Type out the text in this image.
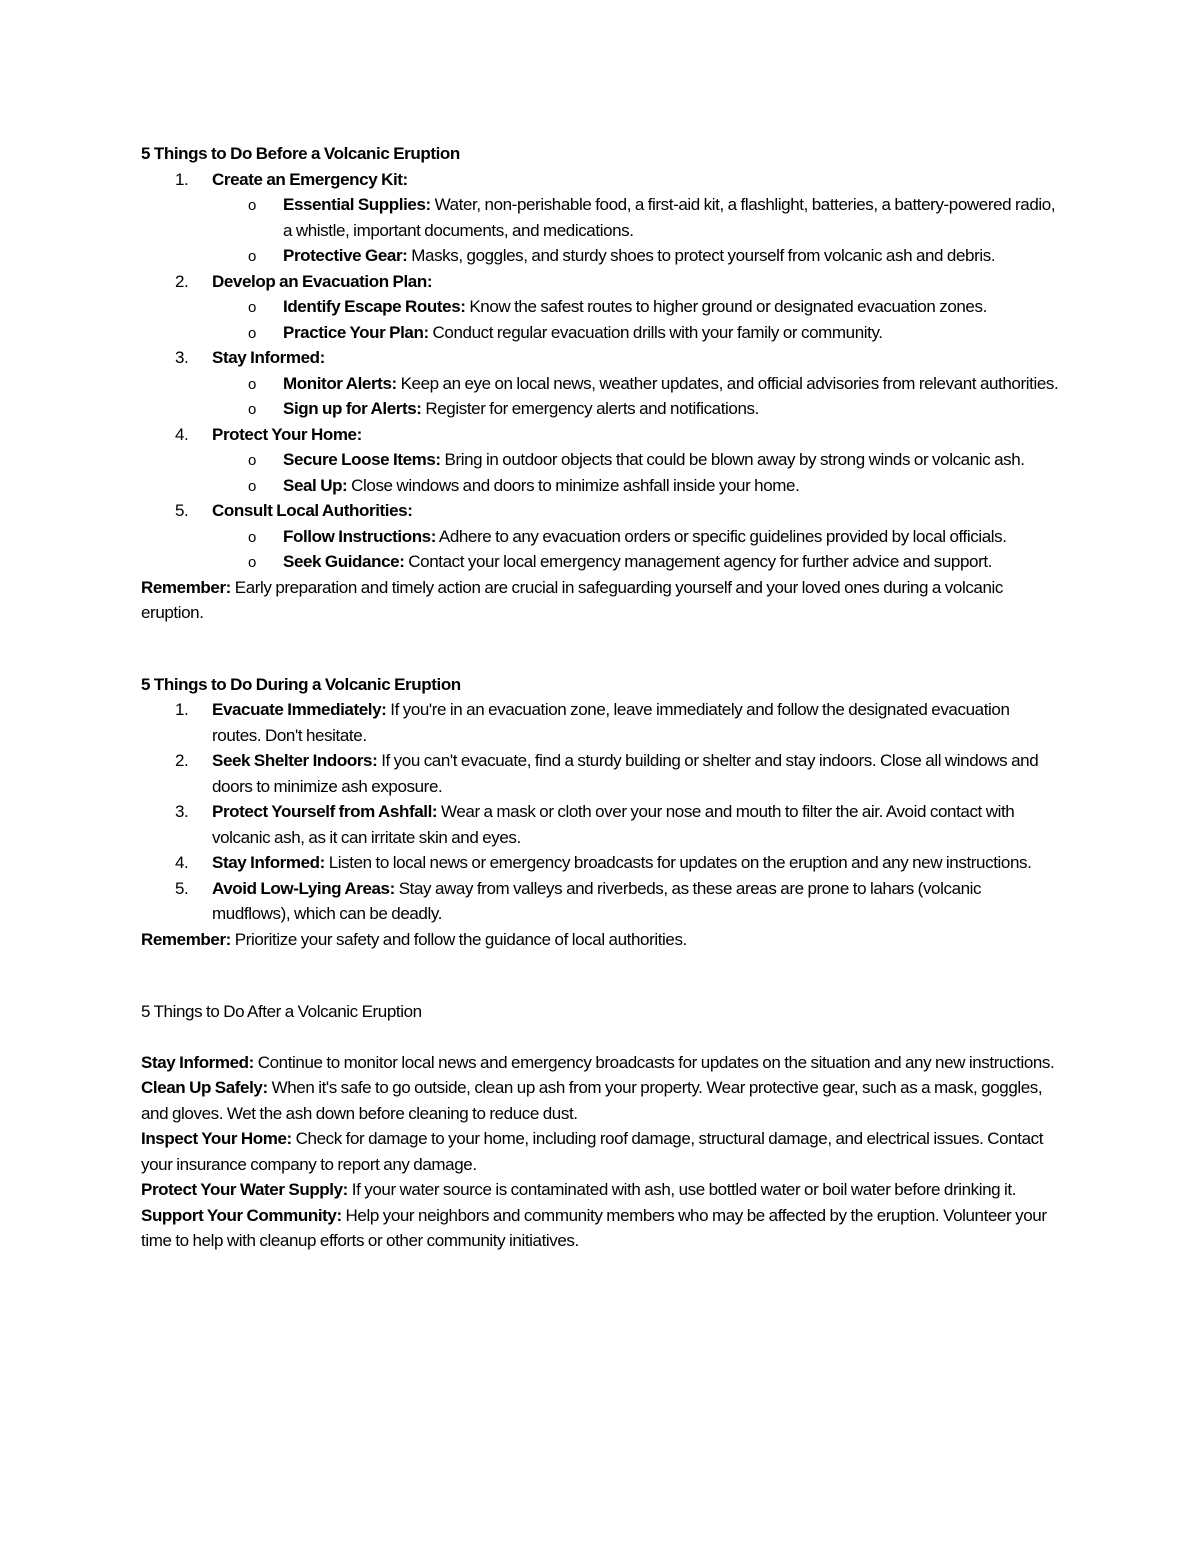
5 Things to Do Before a Volcanic Eruption

1. Create an Emergency Kit:
o Essential Supplies: Water, non-perishable food, a first-aid kit, a flashlight, batteries, a battery-powered radio, a whistle, important documents, and medications.
o Protective Gear: Masks, goggles, and sturdy shoes to protect yourself from volcanic ash and debris.
2. Develop an Evacuation Plan:
o Identify Escape Routes: Know the safest routes to higher ground or designated evacuation zones.
o Practice Your Plan: Conduct regular evacuation drills with your family or community.
3. Stay Informed:
o Monitor Alerts: Keep an eye on local news, weather updates, and official advisories from relevant authorities.
o Sign up for Alerts: Register for emergency alerts and notifications.
4. Protect Your Home:
o Secure Loose Items: Bring in outdoor objects that could be blown away by strong winds or volcanic ash.
o Seal Up: Close windows and doors to minimize ashfall inside your home.
5. Consult Local Authorities:
o Follow Instructions: Adhere to any evacuation orders or specific guidelines provided by local officials.
o Seek Guidance: Contact your local emergency management agency for further advice and support.

Remember: Early preparation and timely action are crucial in safeguarding yourself and your loved ones during a volcanic eruption.

5 Things to Do During a Volcanic Eruption

1. Evacuate Immediately: If you're in an evacuation zone, leave immediately and follow the designated evacuation routes. Don't hesitate.
2. Seek Shelter Indoors: If you can't evacuate, find a sturdy building or shelter and stay indoors. Close all windows and doors to minimize ash exposure.
3. Protect Yourself from Ashfall: Wear a mask or cloth over your nose and mouth to filter the air. Avoid contact with volcanic ash, as it can irritate skin and eyes.
4. Stay Informed: Listen to local news or emergency broadcasts for updates on the eruption and any new instructions.
5. Avoid Low-Lying Areas: Stay away from valleys and riverbeds, as these areas are prone to lahars (volcanic mudflows), which can be deadly.

Remember: Prioritize your safety and follow the guidance of local authorities.

5 Things to Do After a Volcanic Eruption

Stay Informed: Continue to monitor local news and emergency broadcasts for updates on the situation and any new instructions.

Clean Up Safely: When it's safe to go outside, clean up ash from your property. Wear protective gear, such as a mask, goggles, and gloves. Wet the ash down before cleaning to reduce dust.

Inspect Your Home: Check for damage to your home, including roof damage, structural damage, and electrical issues. Contact your insurance company to report any damage.

Protect Your Water Supply: If your water source is contaminated with ash, use bottled water or boil water before drinking it.

Support Your Community: Help your neighbors and community members who may be affected by the eruption. Volunteer your time to help with cleanup efforts or other community initiatives.
